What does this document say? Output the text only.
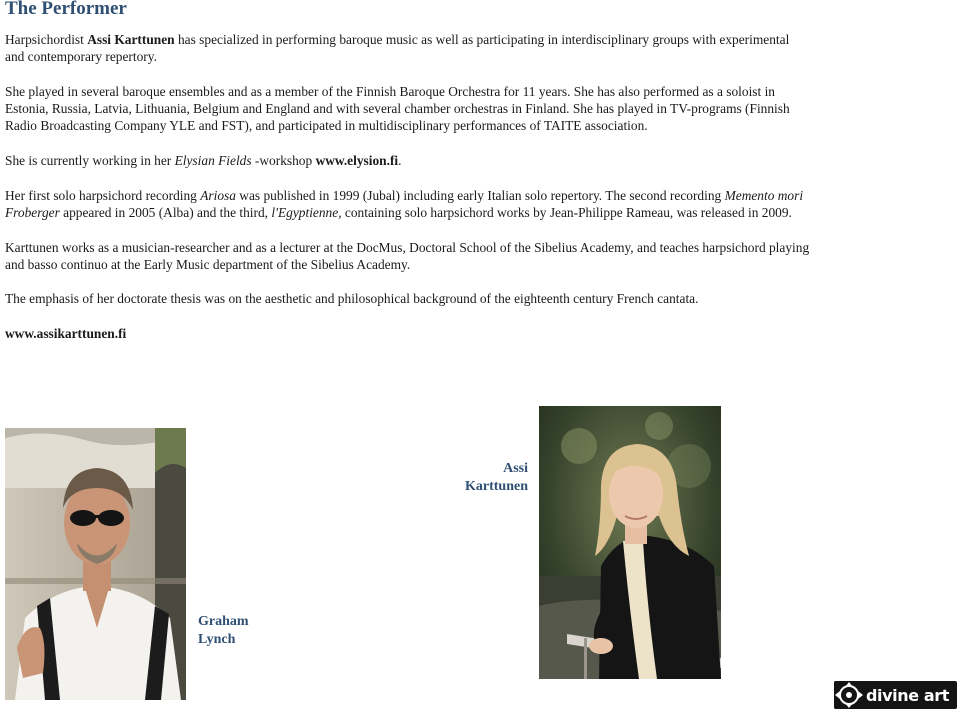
The Performer

Harpsichordist Assi Karttunen has specialized in performing baroque music as well as participating in interdisciplinary groups with experimental and contemporary repertory.

She played in several baroque ensembles and as a member of the Finnish Baroque Orchestra for 11 years. She has also performed as a soloist in Estonia, Russia, Latvia, Lithuania, Belgium and England and with several chamber orchestras in Finland. She has played in TV-programs (Finnish Radio Broadcasting Company YLE and FST), and participated in multidisciplinary performances of TAITE association.

She is currently working in her Elysian Fields -workshop www.elysion.fi.

Her first solo harpsichord recording Ariosa was published in 1999 (Jubal) including early Italian solo repertory. The second recording Memento mori Froberger appeared in 2005 (Alba) and the third, l'Egyptienne, containing solo harpsichord works by Jean-Philippe Rameau, was released in 2009.

Karttunen works as a musician-researcher and as a lecturer at the DocMus, Doctoral School of the Sibelius Academy, and teaches harpsichord playing and basso continuo at the Early Music department of the Sibelius Academy.

The emphasis of her doctorate thesis was on the aesthetic and philosophical background of the eighteenth century French cantata.

www.assikarttunen.fi

Graham
Lynch
Assi
Karttunen
divine art
